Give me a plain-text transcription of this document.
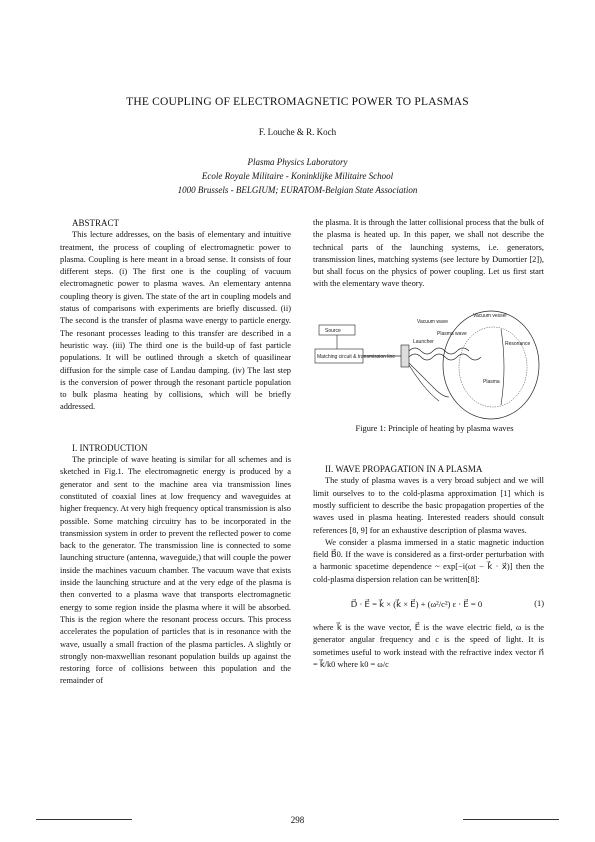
THE COUPLING OF ELECTROMAGNETIC POWER TO PLASMAS
F. Louche & R. Koch
Plasma Physics Laboratory
Ecole Royale Militaire - Koninklijke Militaire School
1000 Brussels - BELGIUM; EURATOM-Belgian State Association

ABSTRACT

This lecture addresses, on the basis of elementary and intuitive treatment, the process of coupling of electromagnetic power to plasma. Coupling is here meant in a broad sense. It consists of four different steps. (i) The first one is the coupling of vacuum electromagnetic power to plasma waves. An elementary antenna coupling theory is given. The state of the art in coupling models and status of comparisons with experiments are briefly discussed. (ii) The second is the transfer of plasma wave energy to particle energy. The resonant processes leading to this transfer are described in a heuristic way. (iii) The third one is the build-up of fast particle populations. It will be outlined through a sketch of quasilinear diffusion for the simple case of Landau damping. (iv) The last step is the conversion of power through the resonant particle population to bulk plasma heating by collisions, which will be briefly addressed.

I. INTRODUCTION

The principle of wave heating is similar for all schemes and is sketched in Fig.1. The electromagnetic energy is produced by a generator and sent to the machine area via transmission lines constituted of coaxial lines at low frequency and waveguides at higher frequency. At very high frequency optical transmission is also possible. Some matching circuitry has to be incorporated in the transmission system in order to prevent the reflected power to come back to the generator. The transmission line is connected to some launching structure (antenna, waveguide,) that will couple the power inside the machines vacuum chamber. The vacuum wave that exists inside the launching structure and at the very edge of the plasma is then converted to a plasma wave that transports electromagnetic energy to some region inside the plasma where it will be absorbed. This is the region where the resonant process occurs. This process accelerates the population of particles that is in resonance with the wave, usually a small fraction of the plasma particles. A slightly or strongly non-maxwellian resonant population builds up against the restoring force of collisions between this population and the remainder of

the plasma. It is through the latter collisional process that the bulk of the plasma is heated up. In this paper, we shall not describe the technical parts of the launching systems, i.e. generators, transmission lines, matching systems (see lecture by Dumortier [2]), but shall focus on the physics of power coupling. Let us first start with the elementary wave theory.

Source
Matching circuit & transmission line
Vacuum wave
Launcher
Plasma wave
Vacuum vessel
Resonance
Plasma

Figure 1: Principle of heating by plasma waves

II. WAVE PROPAGATION IN A PLASMA

The study of plasma waves is a very broad subject and we will limit ourselves to to the cold-plasma approximation [1] which is mostly sufficient to describe the basic propagation properties of the waves used in plasma heating. Interested readers should consult references [8, 9] for an exhaustive description of plasma waves.

We consider a plasma immersed in a static magnetic induction field B⃗0. If the wave is considered as a first-order perturbation with a harmonic spacetime dependence ~ exp[−i(ωt − k⃗ · x⃗)] then the cold-plasma dispersion relation can be written[8]:

D⃗ · E⃗ = k⃗ × (k⃗ × E⃗) + (ω²/c²) ε · E⃗ = 0	(1)

where k⃗ is the wave vector, E⃗ is the wave electric field, ω is the generator angular frequency and c is the speed of light. It is sometimes useful to work instead with the refractive index vector n⃗ = k⃗/k0 where k0 = ω/c

298
